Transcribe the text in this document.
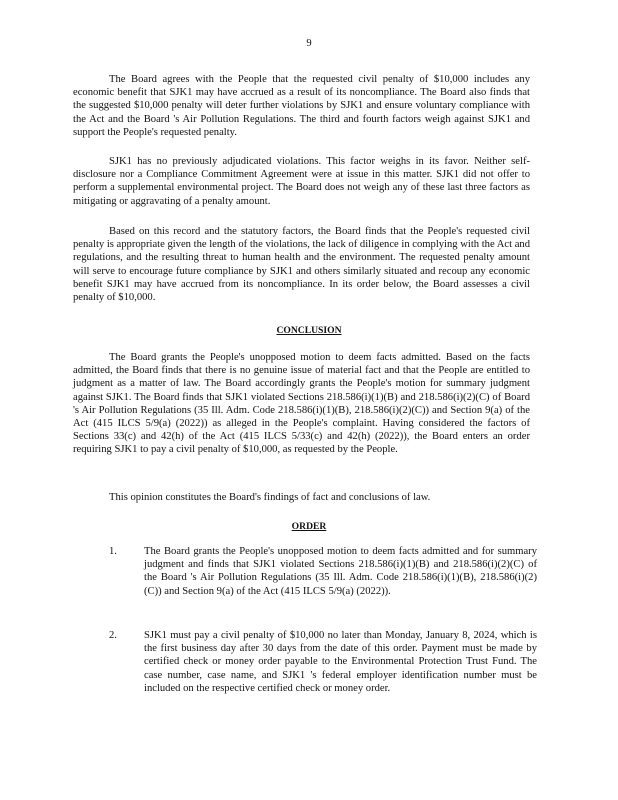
9

The Board agrees with the People that the requested civil penalty of $10,000 includes any economic benefit that SJK1 may have accrued as a result of its noncompliance. The Board also finds that the suggested $10,000 penalty will deter further violations by SJK1 and ensure voluntary compliance with the Act and the Board 's Air Pollution Regulations. The third and fourth factors weigh against SJK1 and support the People's requested penalty.

SJK1 has no previously adjudicated violations. This factor weighs in its favor. Neither self-disclosure nor a Compliance Commitment Agreement were at issue in this matter. SJK1 did not offer to perform a supplemental environmental project. The Board does not weigh any of these last three factors as mitigating or aggravating of a penalty amount.

Based on this record and the statutory factors, the Board finds that the People's requested civil penalty is appropriate given the length of the violations, the lack of diligence in complying with the Act and regulations, and the resulting threat to human health and the environment. The requested penalty amount will serve to encourage future compliance by SJK1 and others similarly situated and recoup any economic benefit SJK1 may have accrued from its noncompliance. In its order below, the Board assesses a civil penalty of $10,000.

CONCLUSION

The Board grants the People's unopposed motion to deem facts admitted. Based on the facts admitted, the Board finds that there is no genuine issue of material fact and that the People are entitled to judgment as a matter of law. The Board accordingly grants the People's motion for summary judgment against SJK1. The Board finds that SJK1 violated Sections 218.586(i)(1)(B) and 218.586(i)(2)(C) of Board 's Air Pollution Regulations (35 Ill. Adm. Code 218.586(i)(1)(B), 218.586(i)(2)(C)) and Section 9(a) of the Act (415 ILCS 5/9(a) (2022)) as alleged in the People's complaint. Having considered the factors of Sections 33(c) and 42(h) of the Act (415 ILCS 5/33(c) and 42(h) (2022)), the Board enters an order requiring SJK1 to pay a civil penalty of $10,000, as requested by the People.

This opinion constitutes the Board's findings of fact and conclusions of law.

ORDER
1.	The Board grants the People's unopposed motion to deem facts admitted and for summary judgment and finds that SJK1 violated Sections 218.586(i)(1)(B) and 218.586(i)(2)(C) of the Board 's Air Pollution Regulations (35 Ill. Adm. Code 218.586(i)(1)(B), 218.586(i)(2)(C)) and Section 9(a) of the Act (415 ILCS 5/9(a) (2022)).

2.	SJK1 must pay a civil penalty of $10,000 no later than Monday, January 8, 2024, which is the first business day after 30 days from the date of this order. Payment must be made by certified check or money order payable to the Environmental Protection Trust Fund. The case number, case name, and SJK1 's federal employer identification number must be included on the respective certified check or money order.
